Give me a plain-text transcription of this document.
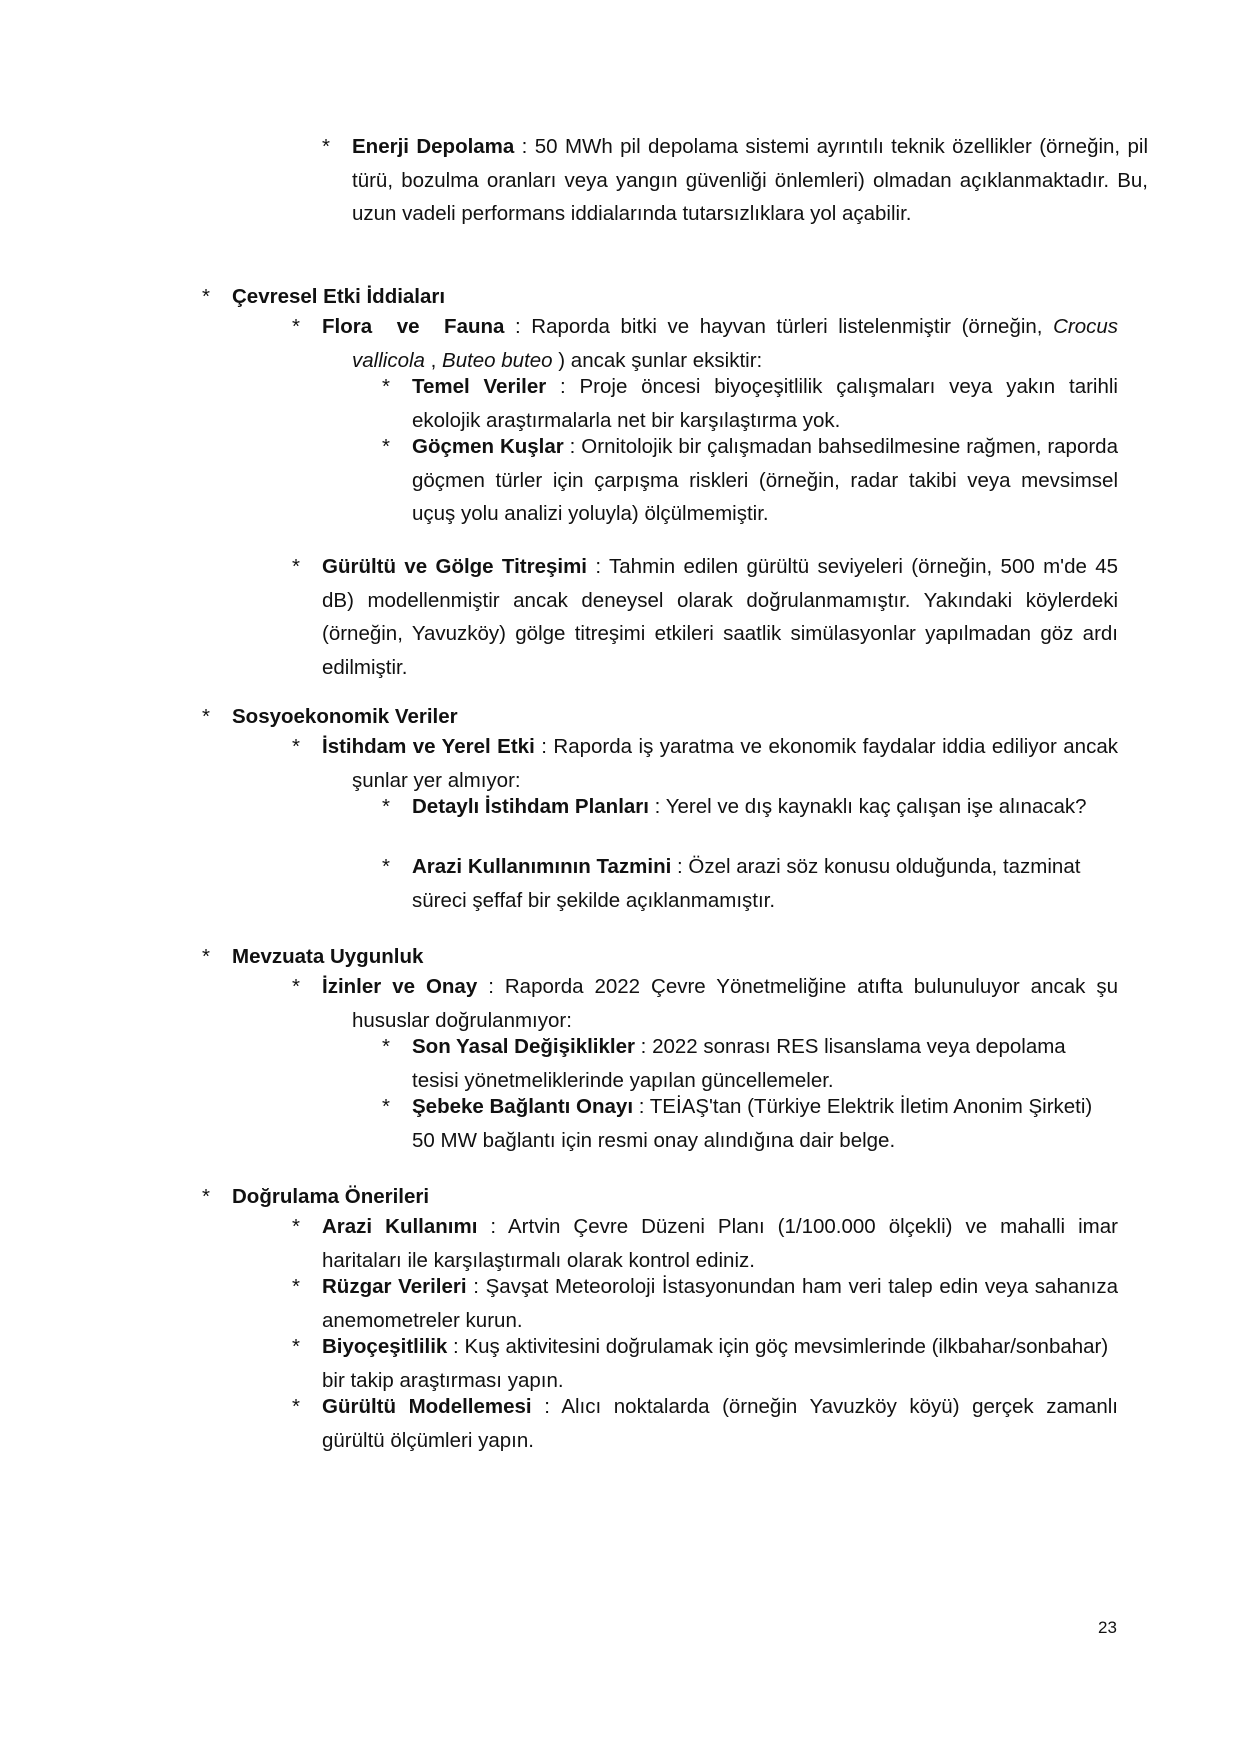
* Enerji Depolama : 50 MWh pil depolama sistemi ayrıntılı teknik özellikler (örneğin, pil türü, bozulma oranları veya yangın güvenliği önlemleri) olmadan açıklanmaktadır. Bu, uzun vadeli performans iddialarında tutarsızlıklara yol açabilir.
* Çevresel Etki İddiaları
* Flora ve Fauna : Raporda bitki ve hayvan türleri listelenmiştir (örneğin, Crocus vallicola , Buteo buteo ) ancak şunlar eksiktir:
* Temel Veriler : Proje öncesi biyoçeşitlilik çalışmaları veya yakın tarihli ekolojik araştırmalarla net bir karşılaştırma yok.
* Göçmen Kuşlar : Ornitolojik bir çalışmadan bahsedilmesine rağmen, raporda göçmen türler için çarpışma riskleri (örneğin, radar takibi veya mevsimsel uçuş yolu analizi yoluyla) ölçülmemiştir.
* Gürültü ve Gölge Titreşimi : Tahmin edilen gürültü seviyeleri (örneğin, 500 m'de 45 dB) modellenmiştir ancak deneysel olarak doğrulanmamıştır. Yakındaki köylerdeki (örneğin, Yavuzköy) gölge titreşimi etkileri saatlik simülasyonlar yapılmadan göz ardı edilmiştir.
* Sosyoekonomik Veriler
* İstihdam ve Yerel Etki : Raporda iş yaratma ve ekonomik faydalar iddia ediliyor ancak şunlar yer almıyor:
* Detaylı İstihdam Planları : Yerel ve dış kaynaklı kaç çalışan işe alınacak?
* Arazi Kullanımının Tazmini : Özel arazi söz konusu olduğunda, tazminat süreci şeffaf bir şekilde açıklanmamıştır.
* Mevzuata Uygunluk
* İzinler ve Onay : Raporda 2022 Çevre Yönetmeliğine atıfta bulunuluyor ancak şu hususlar doğrulanmıyor:
* Son Yasal Değişiklikler : 2022 sonrası RES lisanslama veya depolama tesisi yönetmeliklerinde yapılan güncellemeler.
* Şebeke Bağlantı Onayı : TEİAŞ'tan (Türkiye Elektrik İletim Anonim Şirketi) 50 MW bağlantı için resmi onay alındığına dair belge.
* Doğrulama Önerileri
* Arazi Kullanımı : Artvin Çevre Düzeni Planı (1/100.000 ölçekli) ve mahalli imar haritaları ile karşılaştırmalı olarak kontrol ediniz.
* Rüzgar Verileri : Şavşat Meteoroloji İstasyonundan ham veri talep edin veya sahanıza anemometreler kurun.
* Biyoçeşitlilik : Kuş aktivitesini doğrulamak için göç mevsimlerinde (ilkbahar/sonbahar) bir takip araştırması yapın.
* Gürültü Modellemesi : Alıcı noktalarda (örneğin Yavuzköy köyü) gerçek zamanlı gürültü ölçümleri yapın.
23
